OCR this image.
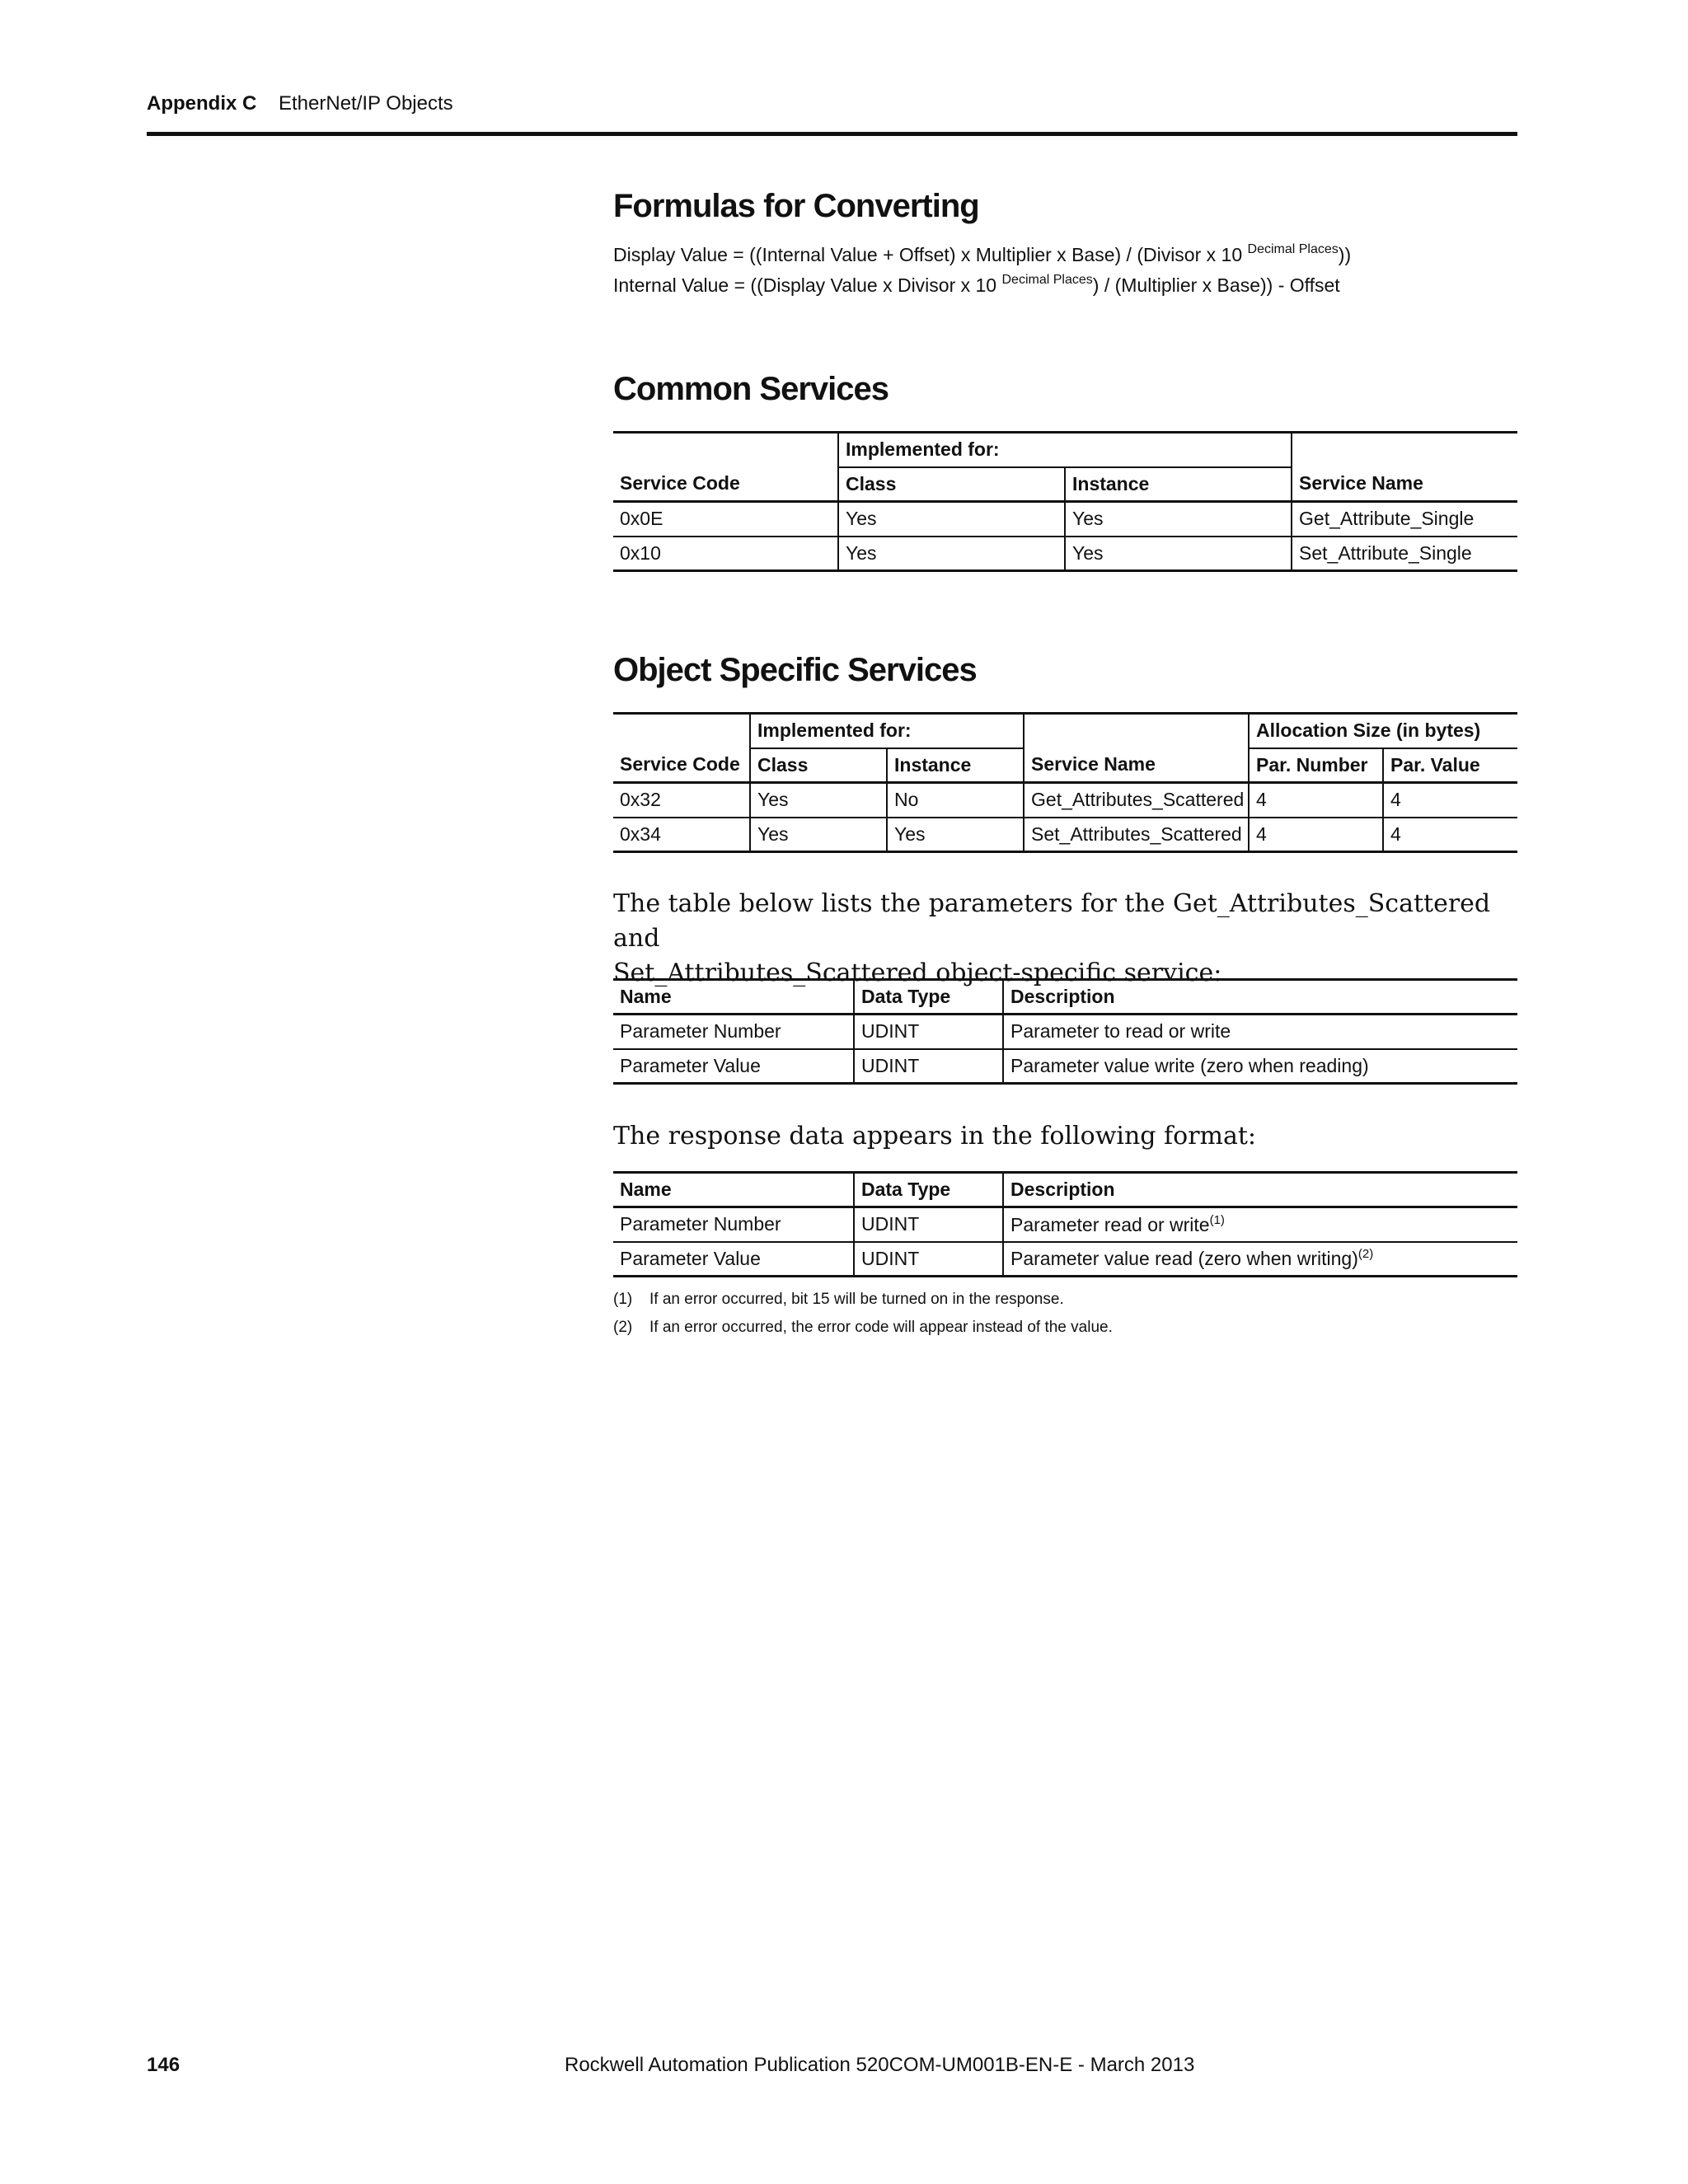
Appendix C EtherNet/IP Objects
Formulas for Converting
Display Value = ((Internal Value + Offset) x Multiplier x Base) / (Divisor x 10 $^{Decimal Places}$))
Internal Value = ((Display Value x Divisor x 10 $^{Decimal Places}$) / (Multiplier x Base)) - Offset
Common Services
	Implemented for:		
Service Code	Class	Instance	Service Name
0x0E	Yes	Yes	Get_Attribute_Single
0x10	Yes	Yes	Set_Attribute_Single
Object Specific Services
	Implemented for:			Allocation Size (in bytes)	
Service Code	Class	Instance	Service Name	Par. Number	Par. Value
0x32	Yes	No	Get_Attributes_Scattered	4	4
0x34	Yes	Yes	Set_Attributes_Scattered	4	4
The table below lists the parameters for the Get_Attributes_Scattered and
Set_Attributes_Scattered object-specific service:
Name	Data Type	Description
Parameter Number	UDINT	Parameter to read or write
Parameter Value	UDINT	Parameter value write (zero when reading)
The response data appears in the following format:
Name	Data Type	Description
Parameter Number	UDINT	Parameter read or write$^{(1)}$
Parameter Value	UDINT	Parameter value read (zero when writing)$^{(2)}$
(1) If an error occurred, bit 15 will be turned on in the response.
(2) If an error occurred, the error code will appear instead of the value.
146	Rockwell Automation Publication 520COM-UM001B-EN-E - March 2013
